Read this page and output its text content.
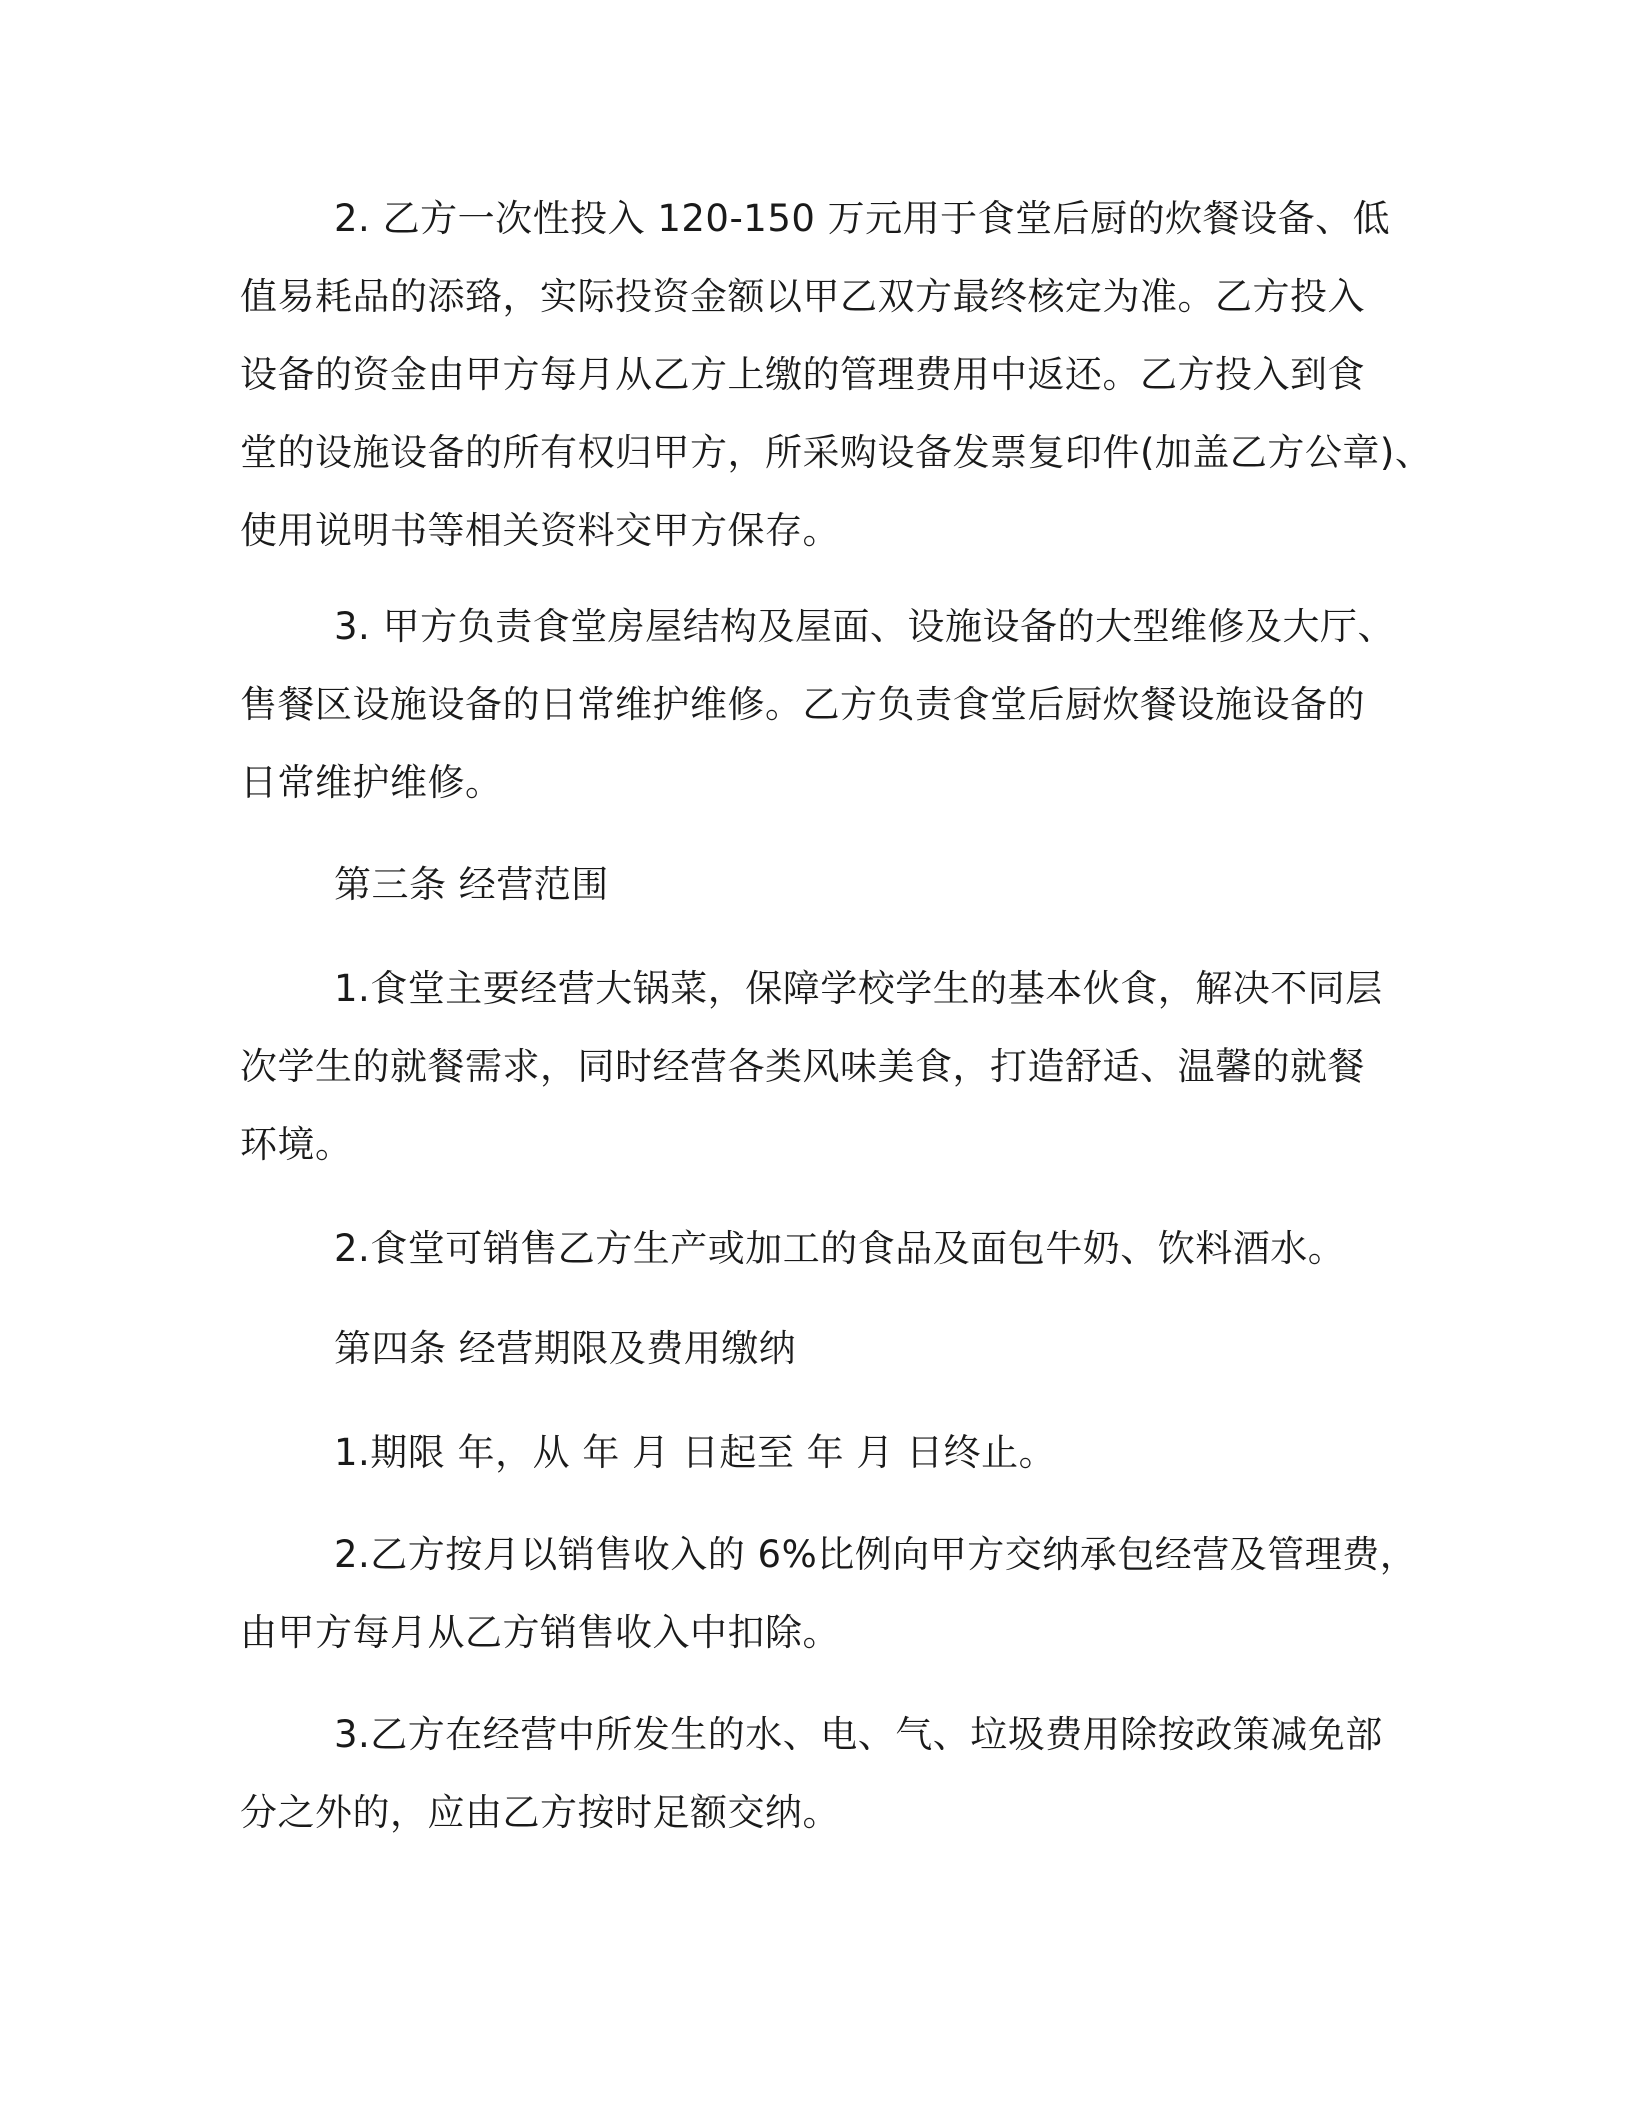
2. 乙方一次性投入 120-150 万元用于食堂后厨的炊餐设备、低
值易耗品的添臵，实际投资金额以甲乙双方最终核定为准。乙方投入
设备的资金由甲方每月从乙方上缴的管理费用中返还。乙方投入到食
堂的设施设备的所有权归甲方，所采购设备发票复印件(加盖乙方公章)、
使用说明书等相关资料交甲方保存。
3. 甲方负责食堂房屋结构及屋面、设施设备的大型维修及大厅、
售餐区设施设备的日常维护维修。乙方负责食堂后厨炊餐设施设备的
日常维护维修。
第三条 经营范围
1.食堂主要经营大锅菜，保障学校学生的基本伙食，解决不同层
次学生的就餐需求，同时经营各类风味美食，打造舒适、温馨的就餐
环境。
2.食堂可销售乙方生产或加工的食品及面包牛奶、饮料酒水。
第四条 经营期限及费用缴纳
1.期限 年，从 年 月 日起至 年 月 日终止。
2.乙方按月以销售收入的 6%比例向甲方交纳承包经营及管理费，
由甲方每月从乙方销售收入中扣除。
3.乙方在经营中所发生的水、电、气、垃圾费用除按政策减免部
分之外的，应由乙方按时足额交纳。
